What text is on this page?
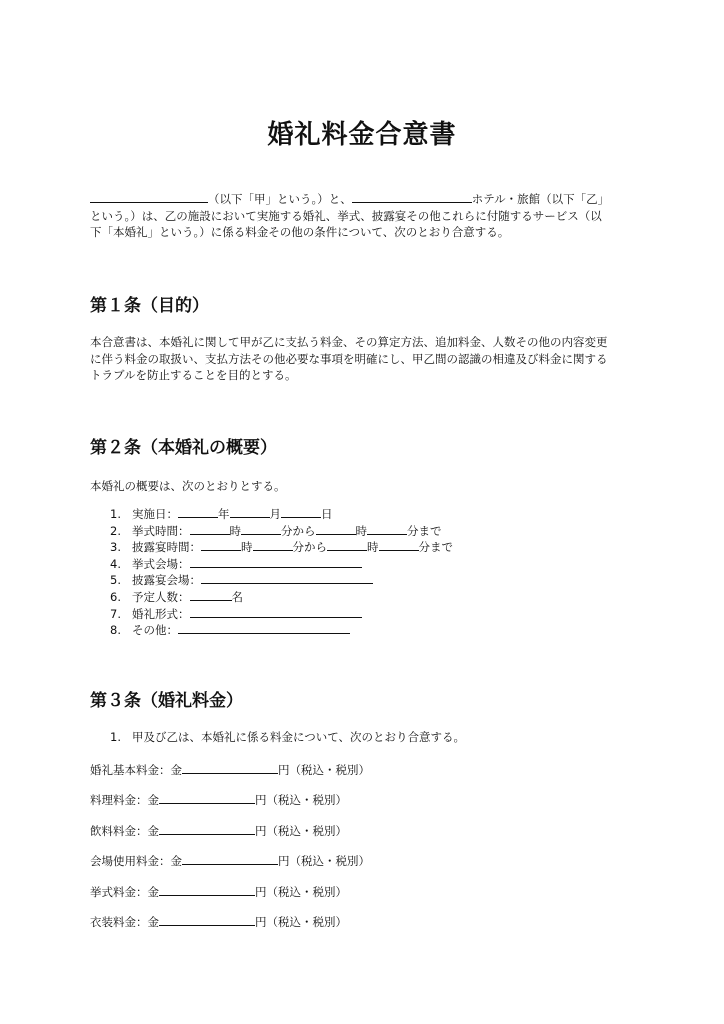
婚礼料金合意書
（以下「甲」という。）と、	ホテル・旅館（以下「乙」
という。）は、乙の施設において実施する婚礼、挙式、披露宴その他これらに付随するサービス（以
下「本婚礼」という。）に係る料金その他の条件について、次のとおり合意する。
第１条（目的）
本合意書は、本婚礼に関して甲が乙に支払う料金、その算定方法、追加料金、人数その他の内容変更
に伴う料金の取扱い、支払方法その他必要な事項を明確にし、甲乙間の認識の相違及び料金に関する
トラブルを防止することを目的とする。
第２条（本婚礼の概要）
本婚礼の概要は、次のとおりとする。
1. 実施日：	年	月	日
2. 挙式時間：	時	分から	時	分まで
3. 披露宴時間：	時	分から	時	分まで
4. 挙式会場：
5. 披露宴会場：
6. 予定人数：	名
7. 婚礼形式：
8. その他：
第３条（婚礼料金）
1. 甲及び乙は、本婚礼に係る料金について、次のとおり合意する。
婚礼基本料金：金	円（税込・税別）
料理料金：金	円（税込・税別）
飲料料金：金	円（税込・税別）
会場使用料金：金	円（税込・税別）
挙式料金：金	円（税込・税別）
衣装料金：金	円（税込・税別）
